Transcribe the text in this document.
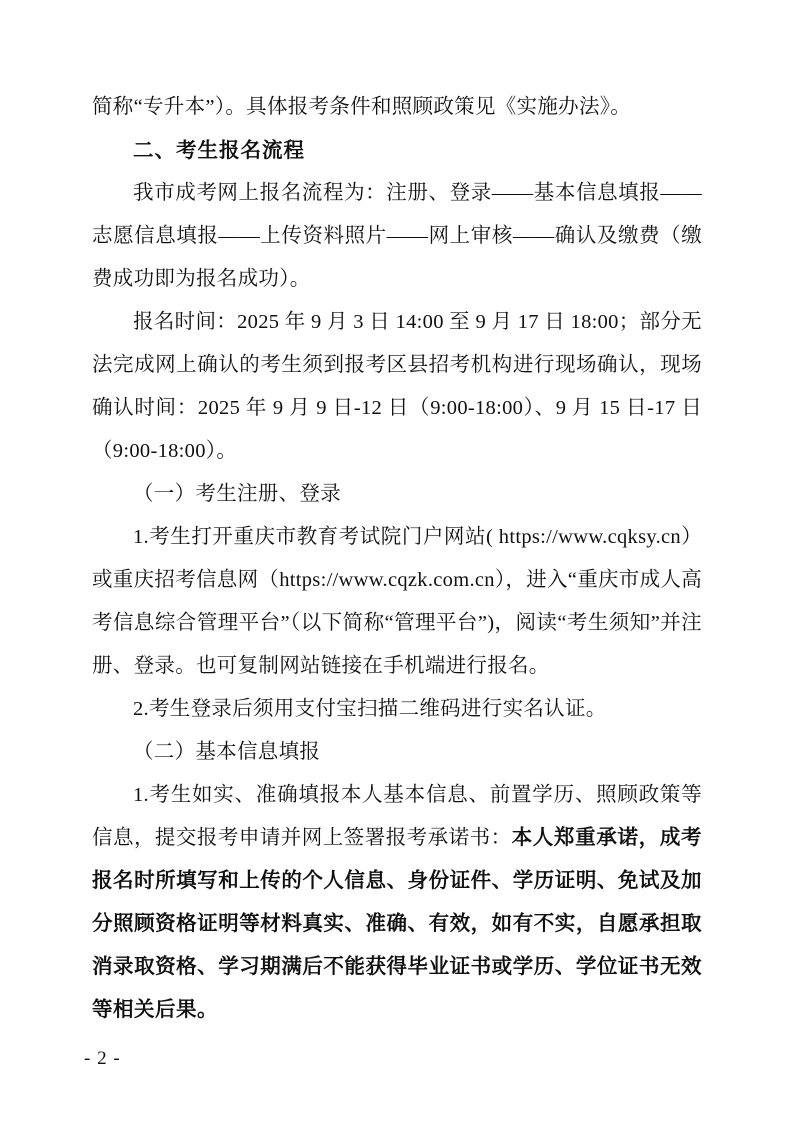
简称“专升本”）。具体报考条件和照顾政策见《实施办法》。

二、考生报名流程

我市成考网上报名流程为：注册、登录——基本信息填报——志愿信息填报——上传资料照片——网上审核——确认及缴费（缴费成功即为报名成功）。

报名时间：2025 年 9 月 3 日 14:00 至 9 月 17 日 18:00；部分无法完成网上确认的考生须到报考区县招考机构进行现场确认，现场确认时间：2025 年 9 月 9 日-12 日（9:00-18:00）、9 月 15 日-17 日（9:00-18:00）。

（一）考生注册、登录

1.考生打开重庆市教育考试院门户网站( https://www.cqksy.cn）或重庆招考信息网（https://www.cqzk.com.cn），进入“重庆市成人高考信息综合管理平台”（以下简称“管理平台”)，阅读“考生须知”并注册、登录。也可复制网站链接在手机端进行报名。

2.考生登录后须用支付宝扫描二维码进行实名认证。

（二）基本信息填报

1.考生如实、准确填报本人基本信息、前置学历、照顾政策等信息，提交报考申请并网上签署报考承诺书：本人郑重承诺，成考报名时所填写和上传的个人信息、身份证件、学历证明、免试及加分照顾资格证明等材料真实、准确、有效，如有不实，自愿承担取消录取资格、学习期满后不能获得毕业证书或学历、学位证书无效等相关后果。

- 2 -
